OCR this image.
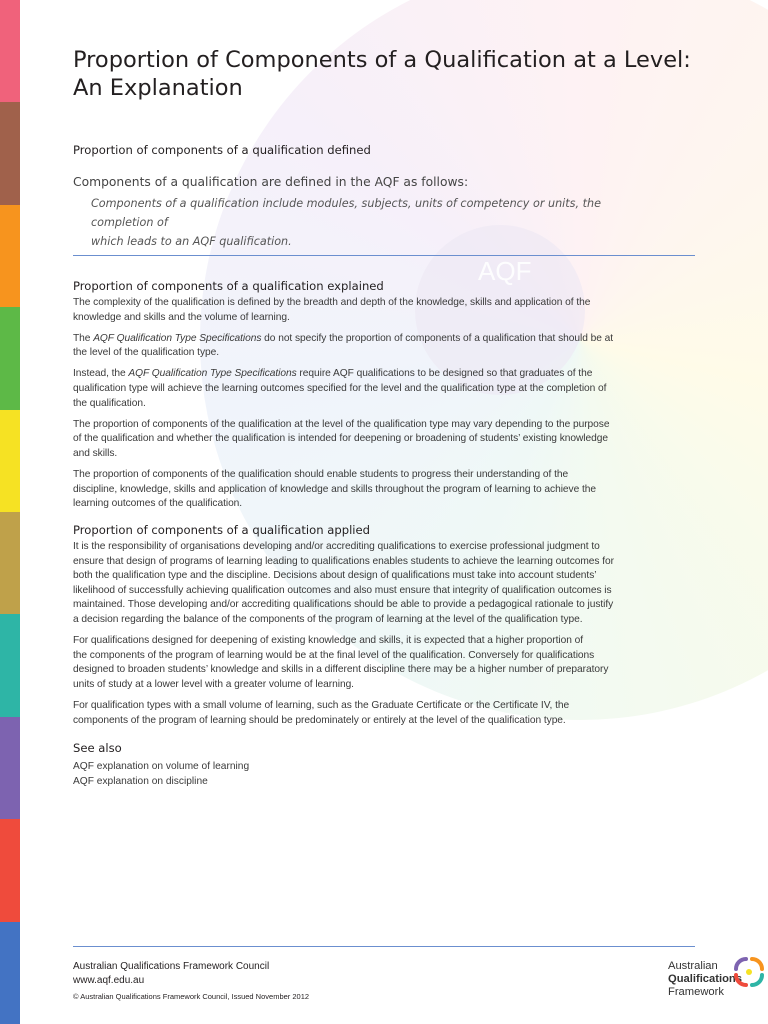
AQF
Proportion of Components of a Qualification at a Level:
An Explanation
Proportion of components of a qualification defined

Components of a qualification are defined in the AQF as follows:

Components of a qualification include modules, subjects, units of competency or units, the completion of
which leads to an AQF qualification.
Proportion of components of a qualification explained

The complexity of the qualification is defined by the breadth and depth of the knowledge, skills and application of the
knowledge and skills and the volume of learning.

The AQF Qualification Type Specifications do not specify the proportion of components of a qualification that should be at
the level of the qualification type.

Instead, the AQF Qualification Type Specifications require AQF qualifications to be designed so that graduates of the
qualification type will achieve the learning outcomes specified for the level and the qualification type at the completion of
the qualification.

The proportion of components of the qualification at the level of the qualification type may vary depending to the purpose
of the qualification and whether the qualification is intended for deepening or broadening of students’ existing knowledge
and skills.

The proportion of components of the qualification should enable students to progress their understanding of the
discipline, knowledge, skills and application of knowledge and skills throughout the program of learning to achieve the
learning outcomes of the qualification.

Proportion of components of a qualification applied

It is the responsibility of organisations developing and/or accrediting qualifications to exercise professional judgment to
ensure that design of programs of learning leading to qualifications enables students to achieve the learning outcomes for
both the qualification type and the discipline. Decisions about design of qualifications must take into account students’
likelihood of successfully achieving qualification outcomes and also must ensure that integrity of qualification outcomes is
maintained. Those developing and/or accrediting qualifications should be able to provide a pedagogical rationale to justify
a decision regarding the balance of the components of the program of learning at the level of the qualification type.

For qualifications designed for deepening of existing knowledge and skills, it is expected that a higher proportion of
the components of the program of learning would be at the final level of the qualification. Conversely for qualifications
designed to broaden students’ knowledge and skills in a different discipline there may be a higher number of preparatory
units of study at a lower level with a greater volume of learning.

For qualification types with a small volume of learning, such as the Graduate Certificate or the Certificate IV, the
components of the program of learning should be predominately or entirely at the level of the qualification type.

See also
AQF explanation on volume of learning
AQF explanation on discipline
Australian Qualifications Framework Council
www.aqf.edu.au
© Australian Qualifications Framework Council, Issued November 2012
Australian
Qualifications
Framework
